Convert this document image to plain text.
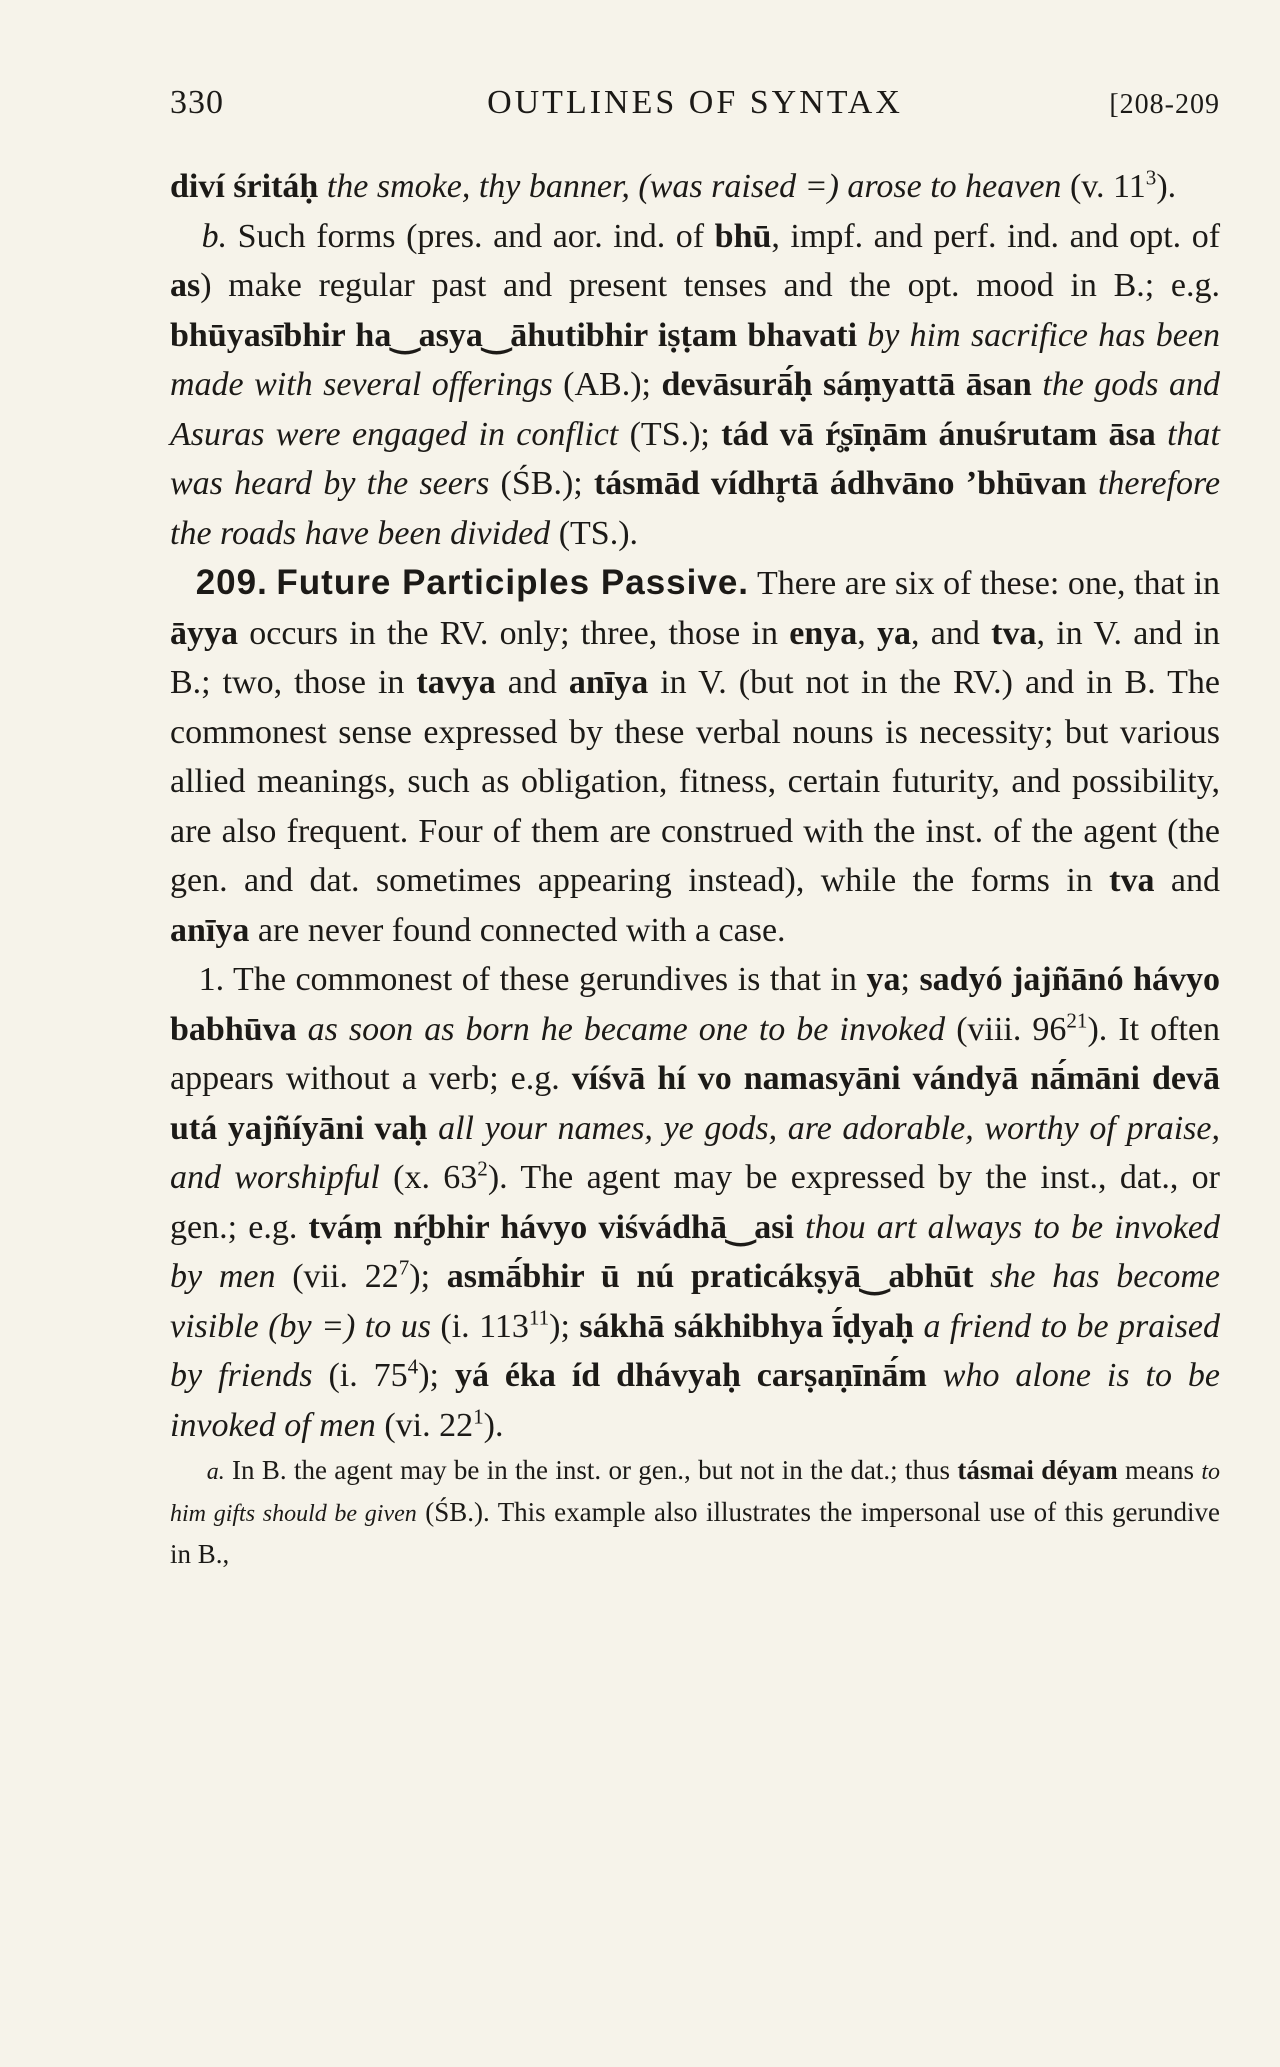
330	OUTLINES OF SYNTAX	[208-209

diví śritáḥ the smoke, thy banner, (was raised =) arose to heaven (v. $11^3$).

b. Such forms (pres. and aor. ind. of bhū, impf. and perf. ind. and opt. of as) make regular past and present tenses and the opt. mood in B.; e.g. bhūyasībhir ha‿asya‿āhutibhir iṣṭam bhavati by him sacrifice has been made with several offerings (AB.); devāsurā́ḥ sáṃyattā āsan the gods and Asuras were engaged in conflict (TS.); tád vā ŕ̥ṣīṇām ánuśrutam āsa that was heard by the seers (ŚB.); tásmād vídhr̥tā ádhvāno ’bhūvan therefore the roads have been divided (TS.).

209. Future Participles Passive. There are six of these: one, that in āyya occurs in the RV. only; three, those in enya, ya, and tva, in V. and in B.; two, those in tavya and anīya in V. (but not in the RV.) and in B. The commonest sense expressed by these verbal nouns is necessity; but various allied meanings, such as obligation, fitness, certain futurity, and possibility, are also frequent. Four of them are construed with the inst. of the agent (the gen. and dat. sometimes appearing instead), while the forms in tva and anīya are never found connected with a case.

1. The commonest of these gerundives is that in ya; sadyó jajñānó hávyo babhūva as soon as born he became one to be invoked (viii. $96^{21}$). It often appears without a verb; e.g. víśvā hí vo namasyāni vándyā nā́māni devā utá yajñíyāni vaḥ all your names, ye gods, are adorable, worthy of praise, and worshipful (x. $63^2$). The agent may be expressed by the inst., dat., or gen.; e.g. tváṃ nŕ̥bhir hávyo viśvádhā‿asi thou art always to be invoked by men (vii. $22^7$); asmā́bhir ū nú praticákṣyā‿abhūt she has become visible (by =) to us (i. $113^{11}$); sákhā sákhibhya ī́ḍyaḥ a friend to be praised by friends (i. $75^4$); yá éka íd dhávyaḥ carṣaṇīnā́m who alone is to be invoked of men (vi. $22^1$).

a. In B. the agent may be in the inst. or gen., but not in the dat.; thus tásmai déyam means to him gifts should be given (ŚB.). This example also illustrates the impersonal use of this gerundive in B.,
